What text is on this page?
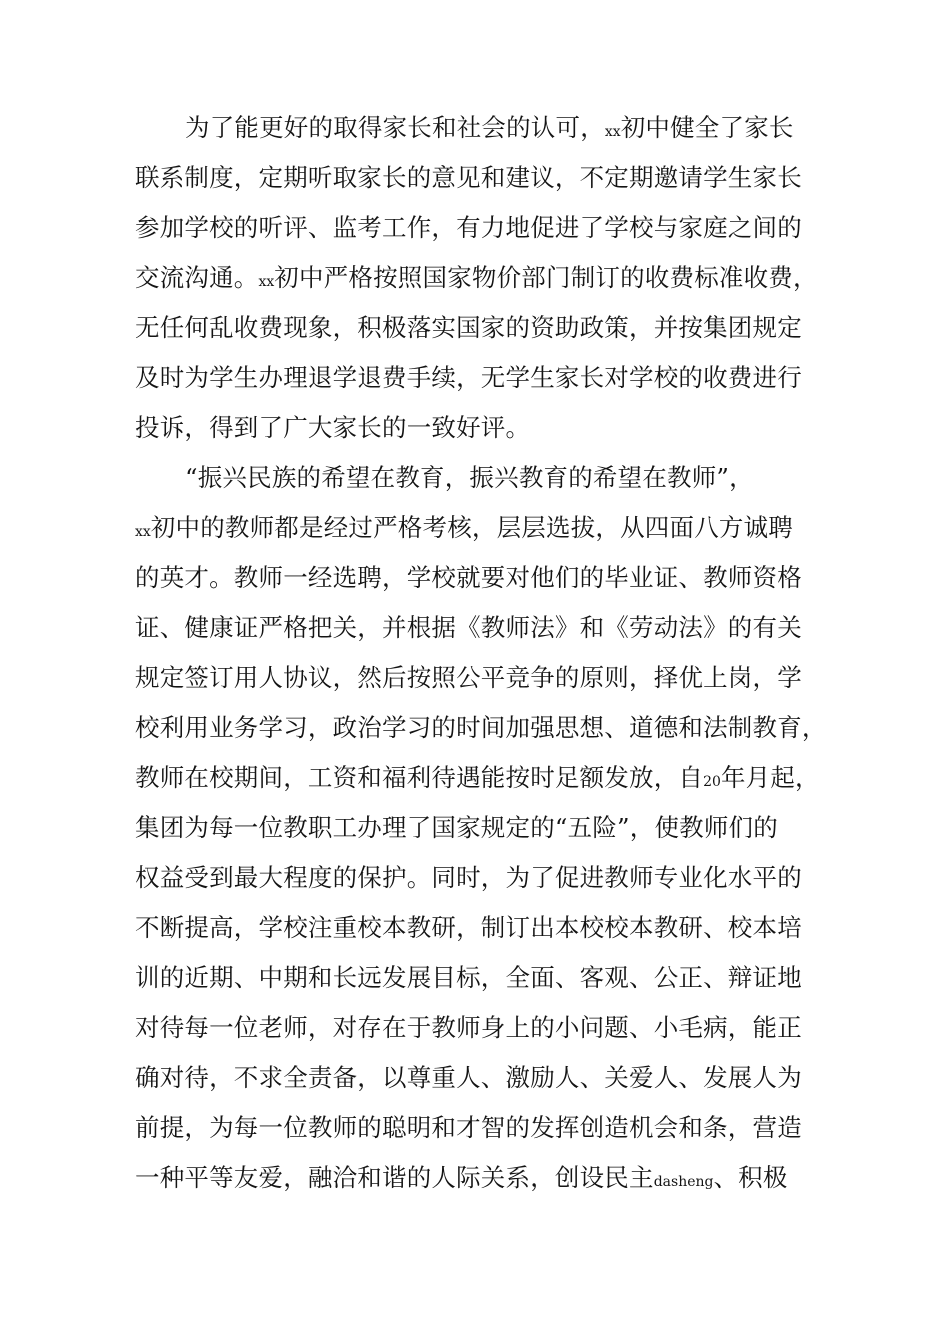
为了能更好的取得家长和社会的认可，xx初中健全了家长
联系制度，定期听取家长的意见和建议，不定期邀请学生家长
参加学校的听评、监考工作，有力地促进了学校与家庭之间的
交流沟通。xx初中严格按照国家物价部门制订的收费标准收费，
无任何乱收费现象，积极落实国家的资助政策，并按集团规定
及时为学生办理退学退费手续，无学生家长对学校的收费进行
投诉，得到了广大家长的一致好评。
“振兴民族的希望在教育，振兴教育的希望在教师”，
xx初中的教师都是经过严格考核，层层选拔，从四面八方诚聘
的英才。教师一经选聘，学校就要对他们的毕业证、教师资格
证、健康证严格把关，并根据《教师法》和《劳动法》的有关
规定签订用人协议，然后按照公平竞争的原则，择优上岗，学
校利用业务学习，政治学习的时间加强思想、道德和法制教育，
教师在校期间，工资和福利待遇能按时足额发放，自20年月起，
集团为每一位教职工办理了国家规定的“五险”，使教师们的
权益受到最大程度的保护。同时，为了促进教师专业化水平的
不断提高，学校注重校本教研，制订出本校校本教研、校本培
训的近期、中期和长远发展目标，全面、客观、公正、辩证地
对待每一位老师，对存在于教师身上的小问题、小毛病，能正
确对待，不求全责备，以尊重人、激励人、关爱人、发展人为
前提，为每一位教师的聪明和才智的发挥创造机会和条，营造
一种平等友爱，融洽和谐的人际关系，创设民主dasheng、积极
